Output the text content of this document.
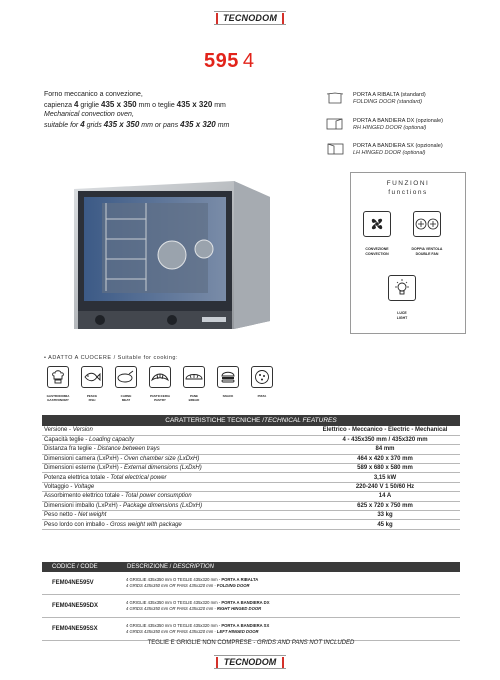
TECNODOM
595 4
Forno meccanico a convezione,
capienza 4 griglie 435 x 350 mm o teglie 435 x 320 mm
Mechanical convection oven,
suitable for 4 grids 435 x 350 mm or pans 435 x 320 mm
PORTA A RIBALTA (standard)
FOLDING DOOR (standard)
PORTA A BANDIERA DX (opzionale)
RH HINGED DOOR (optional)
PORTA A BANDIERA SX (opzionale)
LH HINGED DOOR (optional)
FUNZIONI
functions
CONVEZIONE
CONVECTION
DOPPIA VENTOLA
DOUBLE FAN
LUCE
LIGHT
• ADATTO A CUOCERE / Suitable for cooking:
GASTRONOMIA
GASTRONOMY
PESCE
FISH
CARNE
MEAT
PASTICCERIA
PASTRY
PANE
BREAD
SNACK	PIZZA
CARATTERISTICHE TECNICHE / TECHNICAL FEATURES
Versione - Version	Elettrico - Meccanico - Electric - Mechanical
Capacità teglie - Loading capacity	4 - 435x350 mm / 435x320 mm
Distanza fra teglie - Distance between trays	84 mm
Dimensioni camera (LxPxH) - Oven chamber size (LxDxH)	464 x 420 x 370 mm
Dimensioni esterne (LxPxH) - External dimensions (LxDxH)	589 x 680 x 580 mm
Potenza elettrica totale - Total electrical power	3,15 kW
Voltaggio - Voltage	220-240 V 1 50/60 Hz
Assorbimento elettrico totale - Total power consumption	14 A
Dimensioni imballo (LxPxH) - Package dimensions (LxDxH)	625 x 720 x 750 mm
Peso netto - Net weight	33 kg
Peso lordo con imballo - Gross weight with package	45 kg
CODICE / CODE	DESCRIZIONE / DESCRIPTION
FEM04NE595V
4 GRIGLIE 435x350 mm O TEGLIE 435x320 mm - PORTA A RIBALTA
4 GRIDS 435x350 mm OR PANS 435x320 mm - FOLDING DOOR
FEM04NE595DX
4 GRIGLIE 435x350 mm O TEGLIE 435x320 mm - PORTA A BANDIERA DX
4 GRIDS 435x350 mm OR PANS 435x320 mm - RIGHT HINGED DOOR
FEM04NE595SX
4 GRIGLIE 435x350 mm O TEGLIE 435x320 mm - PORTA A BANDIERA SX
4 GRIDS 435x350 mm OR PANS 435x320 mm - LEFT HINGED DOOR
TEGLIE E GRIGLIE NON COMPRESE - GRIDS AND PANS NOT INCLUDED
TECNODOM
